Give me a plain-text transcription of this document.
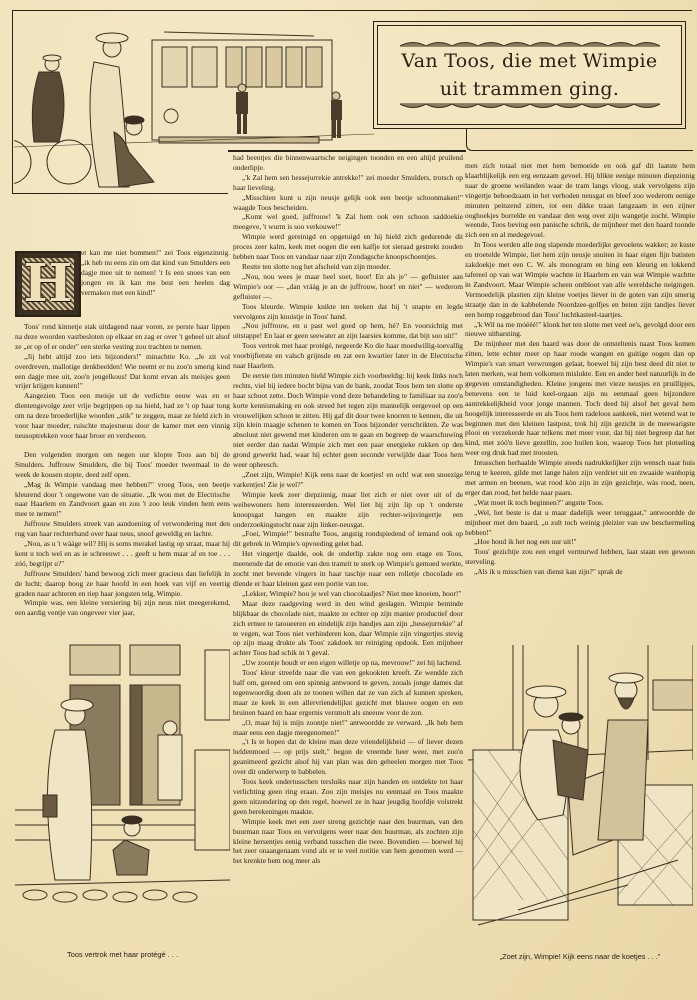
Van Toos, die met Wimpie
uit trammen ging.
H

et kan me niet bommen!" zei Toos eigenzinnig. „ik heb nu eens zin om dat kind van Smulders een dagje mee uit te nemen! 't Is een snoes van een jongen en ik kan me best een heelen dag vermaken met een kind!"

Toos' rond kinnetje stak uitdagend naar voren, ze perste haar lippen na deze woorden vastbesloten op elkaar en zag er over 't geheel uit alsof ze „er op of er onder" een sterke vesting zou trachten te nemen.

„Jij hebt altijd zoo iets bijzonders!" minachtte Ko. „Je zit vol overdreven, mallotige denkbeelden! Wie neemt er nu zoo'n smerig kind een dagje mee uit, zoo'n jengelkous! Dat komt ervan als meisjes geen vrijer krijgen kunnen!"

Aangezien Toos een meisje uit de verlichte eeuw was en er dientengevolge zeer vrije begrippen op na hield, had ze 't op haar tong om na deze broederlijke woorden „stik" te zeggen, maar ze hield zich in voor haar moeder, ruischte majestueus door de kamer met een vinnig neusoptrekken voor haar broer en verdween.

Den volgenden morgen om negen uur klopte Toos aan bij de Smulders. Juffrouw Smulders, die bij Toos' moeder tweemaal in de week de kousen stopte, deed zelf open.

„Mag ik Wimpie vandaag mee hebben?" vroeg Toos, een beetje kleurend door 't ongewone van de situatie. „Ik wou met de Electrische naar Haarlem en Zandvoort gaan en zou 't zoo leuk vinden hem eens mee te nemen!"

Juffrouw Smulders streek van aandoening of verwondering met den rug van haar rechterhand over haar neus, snoof geweldig en lachte.

„Nou, as u 't wááge wil? Hij is soms merakel lastig op straat, maar hij kent u toch wel en as ie schreeuwt . . . geeft u hem maar af en toe . . . zóó, begrijpt u?"

Juffrouw Smulders' hand bewoog zich meer gracieus dan liefelijk in de lucht; daarop boog ze haar hoofd in een hoek van vijf en veertig graden naar achteren en riep haar jongsten telg, Wimpie.

Wimpie was, een kleine versiering bij zijn neus niet meegerekend, een aardig ventje van ongeveer vier jaar,

Toos vertrok met haar protégé . . .

had beentjes die binnenwaartsche neigingen toonden en een altijd pruilend onderlipje.

„'k Zal hem sen hessejurrekie antrekke!" zei moeder Smulders, trotsch op haar lieveling.

„Misschien kunt u zijn neusje gelijk ook een beetje schoonmaken!" waagde Toos bescheiden.

„Komt wel goed, juffrouw! 'k Zal hem ook een schoon saddoekie meegeve, 't wurm is soo verkouwe!"

Wimpie werd gereinigd en opgetuigd en hij hield zich gedurende dit proces zeer kalm, keek met oogen die een kalfje tot sieraad gestrekt zouden hebben naar Toos en vandaar naar zijn Zondagsche knoopschoentjes.

Restte ten slotte nog het afscheid van zijn moeder.

„Nou, nou wees je maar heel soet, hoor! En als je" — gefluister aan Wimpie's oor — „dan vráág je an de juffrouw, hoor! en niet" — wederom gefluister —.

Toos kleurde. Wimpie knikte ten teeken dat hij 't snapte en legde vervolgens zijn knuistje in Toos' hand.

„Nou juffrouw, en u past wel goed op hem, hè? En voorsichtig met uitstappe! En laat er geen seewater an zijn laarsies komme, dat bijt soo uit!"

Toos vertrok met haar protégé, negeerde Ko die haar moedwillig-toevallig voorbijfietste en valsch grijnsde en zat een kwartier later in de Electrische naar Haarlem.

De eerste tien minuten hield Wimpie zich voorbeeldig: hij keek links noch rechts, viel bij iedere bocht bijna van de bank, zoodat Toos hem ten slotte op haar schoot zette. Doch Wimpie vond deze behandeling te familiaar na zoo'n korte kennismaking en ook streed het tegen zijn mannelijk eergevoel op een vrouwelijken schoot te zitten. Hij gaf dit door twee knorren te kennen, die uit zijn klein maagje schenen te komen en Toos bijzonder verschrikten. Ze was absoluut niet gewend met kinderen om te gaan en begreep de waarschuwing niet eerder dan nadat Wimpie zich met een paar energieke rukken op den grond gewerkt had, waar hij echter geen seconde verwijlde daar Toos hem weer opheesch.

„Zoet zijn, Wimpie! Kijk eens naar de koetjes! en och! wat een snoezige varkentjes! Zie je wel?"

Wimpie keek zeer diepzinnig, maar liet zich er niet over uit of de weibewoners hem interesseerden. Wel liet hij zijn lip op 't onderste knoopsgat hangen en maakte zijn rechter-wijsvingertje een onderzoekingstocht naar zijn linker-neusgat.

„Foei, Wimpie!" bestrafte Toos, angstig rondspiedend of iemand ook op dit gebrek in Wimpie's opvoeding gelet had.

Het vingertje daalde, ook de onderlip zakte nog een etage en Toos, meenende dat de emotie van den tramrit te sterk op Wimpie's gemoed werkte, zocht met bevende vingers in haar taschje naar een rolletje chocolade en diende er haar kleinen gast een portie van toe.

„Lekker, Wimpie? hou je wel van chocolaadjes? Niet mee knoeien, hoor!"

Maar deze raadgeving werd in den wind geslagen. Wimpie beminde blijkbaar de chocolade niet, maakte ze echter op zijn manier productief door zich ermee te tatoueeren en eindelijk zijn handjes aan zijn „hessejurrekie" af te vegen, wat Toos niet verhinderen kon, daar Wimpie zijn vingertjes stevig op zijn maag drukte als Toos' zakdoek ter reiniging opdook. Een mijnheer achter Toos had schik in 't geval.

„Uw zoontje houdt er een eigen willetje op na, mevrouw!" zei hij lachend.

Toos' kleur streefde naar die van een gekookten kreeft. Ze wendde zich half om, gereed om een spinnig antwoord te geven, zooals jonge dames dat tegenwoordig doen als ze toonen willen dat ze van zich af kunnen spreken, maar ze keek in een allervriendelijkst gezicht met blauwe oogen en een bruinen baard en haar ergernis versmolt als sneeuw voor de zon.

„O, maar hij is mijn zoontje niet!" antwoordde ze verward. „Ik heb hem maar eens een dagje meegenomen!"

„'t Is te hopen dat de kleine man deze vriendelijkheid — of liever dezen heldenmoed — op prijs stelt," begon de vreemde heer weer, met zoo'n geanimeerd gezicht alsof hij van plan was den geheelen morgen met Toos over dit onderwerp te babbelen.

Toos keek ondertusschen tersluiks naar zijn handen en ontdekte tot haar verlichting geen ring eraan. Zoo zijn meisjes nu eenmaal en Toos maakte geen uitzondering op den regel, hoewel ze in haar jeugdig hoofdje volstrekt geen berekeningen maakte.

Wimpie keek met een zeer streng gezichtje naar den buurman, van den buurman naar Toos en vervolgens weer naar den buurman, als zochten zijn kleine hersentjes eenig verband tusschen die twee. Bovendien — hoewel hij het zeer onaangenaam vond als er te veel notitie van hem genomen werd — het krenkte hem nog meer als

men zich totaal niet met hem bemoeide en ook gaf dit laatste hem klaarblijkelijk een erg eenzaam gevoel. Hij blikte eenige minuten diepzinnig naar de groene weilanden waar de tram langs vloog, stak vervolgens zijn vingertje behoedzaam in het verboden neusgat en bleef zoo wederom eenige minuten peinzend zitten, tot een dikke traan langzaam in een zijner ooghoekjes borrelde en vandaar den weg over zijn wangetje zocht. Wimpie weende, Toos beving een panische schrik, de mijnheer met den baard toonde zich een en al medegevoel.

In Toos werden alle nog slapende moederlijke gevoelens wakker; ze kuste en troetelde Wimpie, liet hem zijn neusje snuiten in haar eigen fijn batisten zakdoekje met een C. W. als monogram en hing een kleurig en lokkend tafereel op van wat Wimpie wachtte in Haarlem en van wat Wimpie wachtte in Zandvoort. Maar Wimpie scheen ontbloot van alle wereldsche neigingen. Vermoedelijk plastten zijn kleine voetjes liever in de goten van zijn smerig straatje dan in de kabbelende Noordzee-golfjes en beten zijn tandjes liever een homp roggebrood dan Toos' luchtkasteel-taartjes.

„'k Wil na me móééé!" klonk het ten slotte met veel oe's, gevolgd door een nieuwe uitbarsting.

De mijnheer met den baard was door de ontsteltenis naast Toos komen zitten, lette echter meer op haar roode wangen en guitige oogen dan op Wimpie's van smart verwrongen gelaat, hoewel hij zijn best deed dit niet te laten merken, wat hem volkomen mislukte. Een en ander heel natuurlijk in de gegeven omstandigheden. Kleine jongens met vieze neusjes en pruillipjes, benevens een te luid keel-orgaan zijn nu eenmaal geen bijzondere aantrekkelijkheid voor jonge mannen. Toch deed hij alsof het geval hem hoogelijk interesseerde en als Toos hem radeloos aankeek, niet wetend wat te beginnen met den kleinen lastpost, trok hij zijn gezicht in de meewarigste plooi en verzekerde haar telkens met meer vuur, dat hij niet begreep dat het kind, met zóó'n lieve gezellin, zoo huilen kon, waarop Toos het plotseling weer erg druk had met troosten.

Intusschen herhaalde Wimpie steeds nadrukkelijker zijn wensch naar huis terug te keeren, gilde met lange halen zijn verdriet uit en zwaaide wanhopig met armen en beenen, wat rood kòn zijn in zijn gezichtje, wàs rood, neen, erger dan rood, het helde naar paars.

„Wat moet ik toch beginnen?" angstte Toos.

„Wel, het beste is dat u maar dadelijk weer teruggaat," antwoordde de mijnheer met den baard, „u zult toch weinig pleizier van uw beschermeling hebben!"

„Hoe houd ik het nog een uur uit!"

Toos' gezichtje zou een engel vermurwd hebben, laat staan een gewoon sterveling.

„Als ik u misschien van dienst kan zijn?" sprak de

„Zoet zijn, Wimpie! Kijk eens naar de koetjes . . ."
